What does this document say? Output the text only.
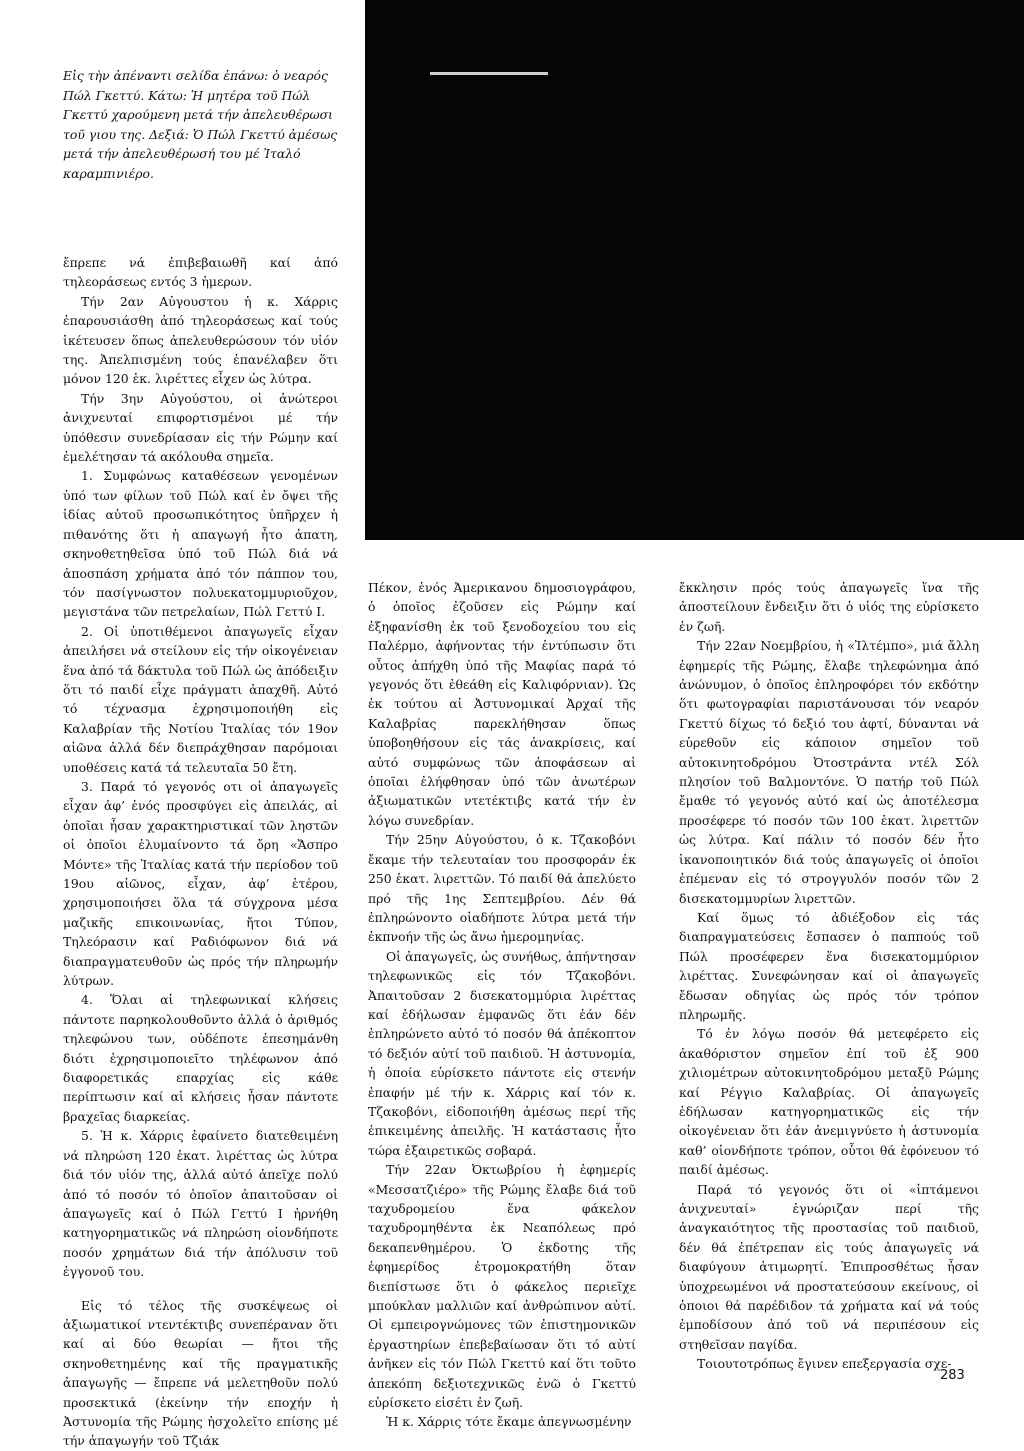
Εἰς τὴν ἀπέναντι σελίδα ἐπάνω: ὁ νεαρός Πώλ Γκεττύ. Κάτω: Ἡ μητέρα τοῦ Πώλ Γκεττύ χαρούμενη μετά τήν ἀπελευθέρωσι τοῦ γιου της. Δεξιά: Ὁ Πώλ Γκεττύ ἀμέσως μετά τήν ἀπελευθέρωσή του μέ Ἰταλό καραμπινιέρο.

ἔπρεπε νά ἐπιβεβαιωθῆ καί ἀπό τηλεοράσεως εντός 3 ἡμερων.

Τήν 2αν Αὐγουστου ἡ κ. Χάρρις ἐπαρουσιάσθη ἀπό τηλεοράσεως καί τούς ἱκέτευσεν ὅπως ἀπελευθερώσουν τόν υἱόν της. Ἀπελπισμένη τούς ἐπανέλαβεν ὅτι μόνον 120 ἑκ. λιρέττες εἶχεν ὡς λύτρα.

Τήν 3ην Αὐγούστου, οἱ ἀνώτεροι ἀνιχνευταί επιφορτισμένοι μέ τήν ὑπόθεσιν συνεδρίασαν εἰς τήν Ρώμην καί ἐμελέτησαν τά ακόλουθα σημεῖα.

1. Συμφώνως καταθέσεων γενομένων ὑπό των φίλων τοῦ Πώλ καί ἐν ὄψει τῆς ἰδίας αὐτοῦ προσωπικότητος ὑπῆρχεν ἡ πιθανότης ὅτι ἡ απαγωγή ἦτο ἀπατη, σκηνοθετηθεῖσα ὑπό τοῦ Πώλ διά νά ἀποσπάση χρήματα ἀπό τόν πάππον του, τόν πασίγνωστον πολυεκατομμυριοῦχον, μεγιστάνα τῶν πετρελαίων, Πώλ Γεττύ Ι.

2. Οἱ ὑποτιθέμενοι ἀπαγωγεῖς εἶχαν ἀπειλήσει νά στείλουν εἰς τήν οἰκογένειαν ἕνα ἀπό τά δάκτυλα τοῦ Πώλ ὡς ἀπόδειξιν ὅτι τό παιδί εἶχε πράγματι ἀπαχθῆ. Αὐτό τό τέχνασμα ἐχρησιμοποιήθη εἰς Καλαβρίαν τῆς Νοτίου Ἰταλίας τόν 19ον αἰῶνα ἀλλά δέν διεπράχθησαν παρόμοιαι υποθέσεις κατά τά τελευταῖα 50 ἔτη.

3. Παρά τό γεγονός οτι οἱ ἀπαγωγεῖς εἶχαν ἀφ’ ἑνός προσφύγει εἰς ἀπειλάς, αἱ ὁποῖαι ἦσαν χαρακτηριστικαί τῶν ληστῶν οἱ ὁποῖοι ἐλυμαίνοντο τά ὄρη «Ἄσπρο Μόντε» τῆς Ἰταλίας κατά τήν περίοδον τοῦ 19ου αἰῶνος, εἶχαν, ἀφ’ ἑτέρου, χρησιμοποιήσει ὅλα τά σύγχρονα μέσα μαζικῆς επικοινωνίας, ἤτοι Τύπον, Τηλεόρασιν καί Ραδιόφωνον διά νά διαπραγματευθοῦν ὡς πρός τήν πληρωμήν λύτρων.

4. Ὅλαι αἱ τηλεφωνικαί κλήσεις πάντοτε παρηκολουθοῦντο ἀλλά ὁ ἀριθμός τηλεφώνου των, οὐδέποτε ἐπεσημάνθη διότι ἐχρησιμοποιεῖτο τηλέφωνον ἀπό διαφορετικάς επαρχίας εἰς κάθε περίπτωσιν καί αἱ κλήσεις ἦσαν πάντοτε βραχεῖας διαρκείας.

5. Ἡ κ. Χάρρις ἐφαίνετο διατεθειμένη νά πληρώση 120 ἑκατ. λιρέττας ὡς λύτρα διά τόν υἱόν της, ἀλλά αὐτό ἀπεῖχε πολύ ἀπό τό ποσόν τό ὁποῖον ἀπαιτοῦσαν οἱ ἀπαγωγεῖς καί ὁ Πώλ Γεττύ Ι ἠρνήθη κατηγορηματικῶς νά πληρώση οἱονδήποτε ποσόν χρημάτων διά τήν ἀπόλυσιν τοῦ ἐγγονοῦ του.

Εἰς τό τέλος τῆς συσκέψεως οἱ ἀξιωματικοί ντεντέκτιβς συνεπέραναν ὅτι καί αἱ δύο θεωρίαι — ἤτοι τῆς σκηνοθετημένης καί τῆς πραγματικῆς ἀπαγωγῆς — ἔπρεπε νά μελετηθοῦν πολύ προσεκτικά (ἐκείνην τήν εποχήν ἡ Ἀστυνομία τῆς Ρώμης ἠσχολεῖτο επίσης μέ τήν ἀπαγωγήν τοῦ Τζιάκ

Πέκον, ἑνός Ἀμερικανου δημοσιογράφου, ὁ ὁποῖος ἐζοῦσεν εἰς Ρώμην καί ἐξηφανίσθη ἐκ τοῦ ξενοδοχείου του εἰς Παλέρμο, ἀφήνοντας τήν ἐντύπωσιν ὅτι οὗτος ἀπήχθη ὑπό τῆς Μαφίας παρά τό γεγονός ὅτι ἐθεάθη εἰς Καλιφόρνιαν). Ὡς ἐκ τούτου αἱ Ἀστυνομικαί Ἀρχαί τῆς Καλαβρίας παρεκλήθησαν ὅπως ὑποβοηθήσουν εἰς τάς ἀνακρίσεις, καί αὐτό συμφώνως τῶν ἀποφάσεων αἱ ὁποῖαι ἐλήφθησαν ὑπό τῶν ἀνωτέρων ἀξιωματικῶν ντετέκτιβς κατά τήν ἐν λόγω συνεδρίαν.

Τήν 25ην Αὐγούστου, ὁ κ. Τζακοβόνι ἔκαμε τήν τελευταίαν του προσφοράν ἐκ 250 ἑκατ. λιρεττῶν. Τό παιδί θά ἀπελύετο πρό τῆς 1ης Σεπτεμβρίου. Δέν θά ἐπληρώνοντο οἱαδήποτε λύτρα μετά τήν ἐκπνοήν τῆς ὡς ἄνω ἡμερομηνίας.

Οἱ ἀπαγωγεῖς, ὡς συνήθως, ἀπήντησαν τηλεφωνικῶς εἰς τόν Τζακοβόνι. Ἀπαιτοῦσαν 2 δισεκατομμύρια λιρέττας καί ἐδήλωσαν ἐμφανῶς ὅτι ἐάν δέν ἐπληρώνετο αὐτό τό ποσόν θά ἀπέκοπτον τό δεξιόν αὐτί τοῦ παιδιοῦ. Ἡ ἀστυνομία, ἡ ὁποία εὑρίσκετο πάντοτε εἰς στενήν ἐπαφήν μέ τήν κ. Χάρρις καί τόν κ. Τζακοβόνι, εἰδοποιήθη ἀμέσως περί τῆς ἐπικειμένης ἀπειλῆς. Ἡ κατάστασις ἦτο τώρα ἐξαιρετικῶς σοβαρά.

Τήν 22αν Ὀκτωβρίου ἡ ἐφημερίς «Μεσσατζιέρο» τῆς Ρώμης ἔλαβε διά τοῦ ταχυδρομείου ἕνα φάκελον ταχυδρομηθέντα ἐκ Νεαπόλεως πρό δεκαπενθημέρου. Ὁ ἐκδοτης τῆς ἐφημερίδος ἐτρομοκρατήθη ὅταν διεπίστωσε ὅτι ὁ φάκελος περιεῖχε μπούκλαν μαλλιῶν καί ἀνθρώπινον αὐτί. Οἱ εμπειρογνώμονες τῶν ἐπιστημονικῶν ἐργαστηρίων ἐπεβεβαίωσαν ὅτι τό αὐτί ἀνῆκεν εἰς τόν Πώλ Γκεττύ καί ὅτι τοῦτο ἀπεκόπη δεξιοτεχνικῶς ἐνῶ ὁ Γκεττύ εὑρίσκετο εἰσέτι ἐν ζωῆ.

Ἡ κ. Χάρρις τότε ἔκαμε ἀπεγνωσμένην

ἔκκλησιν πρός τούς ἀπαγωγεῖς ἵνα τῆς ἀποστείλουν ἔνδειξιν ὅτι ὁ υἱός της εὑρίσκετο ἐν ζωῆ.

Τήν 22αν Νοεμβρίου, ἡ «Ἰλτέμπο», μιά ἄλλη ἐφημερίς τῆς Ρώμης, ἔλαβε τηλεφώνημα ἀπό ἀνώνυμον, ὁ ὁποῖος ἐπληροφόρει τόν εκδότην ὅτι φωτογραφίαι παριστάνουσαι τόν νεαρόν Γκεττύ δίχως τό δεξιό του ἀφτί, δύνανται νά εὑρεθοῦν εἰς κάποιον σημεῖον τοῦ αὐτοκινητοδρόμου Ὀτοστράντα ντέλ Σόλ πλησίον τοῦ Βαλμοντόνε. Ὁ πατήρ τοῦ Πώλ ἔμαθε τό γεγονός αὐτό καί ὡς ἀποτέλεσμα προσέφερε τό ποσόν τῶν 100 ἑκατ. λιρεττῶν ὡς λύτρα. Καί πάλιν τό ποσόν δέν ἦτο ἱκανοποιητικόν διά τούς ἀπαγωγεῖς οἱ ὁποῖοι ἐπέμεναν εἰς τό στρογγυλόν ποσόν τῶν 2 δισεκατομμυρίων λιρεττῶν.

Καί ὅμως τό ἀδιέξοδον εἰς τάς διαπραγματεύσεις ἔσπασεν ὁ παππούς τοῦ Πώλ προσέφερεν ἕνα δισεκατομμύριον λιρέττας. Συνεφώνησαν καί οἱ ἀπαγωγεῖς ἔδωσαν οδηγίας ὡς πρός τόν τρόπον πληρωμῆς.

Τό ἐν λόγω ποσόν θά μετεφέρετο εἰς ἀκαθόριστον σημεῖον ἐπί τοῦ ἐξ 900 χιλιομέτρων αὐτοκινητοδρόμου μεταξῦ Ρώμης καί Ρέγγιο Καλαβρίας. Οἱ ἀπαγωγεῖς ἐδήλωσαν κατηγορηματικῶς εἰς τήν οἰκογένειαν ὅτι ἐάν ἀνεμιγνύετο ἡ ἀστυνομία καθ’ οἱονδήποτε τρόπον, οὗτοι θά ἐφόνευον τό παιδί ἀμέσως.

Παρά τό γεγονός ὅτι οἱ «ἱπτάμενοι ἀνιχνευταί» ἐγνώριζαν περί τῆς ἀναγκαιότητος τῆς προστασίας τοῦ παιδιοῦ, δέν θά ἐπέτρεπαν εἰς τούς ἀπαγωγεῖς νά διαφύγουν ἀτιμωρητί. Ἐπιπροσθέτως ἦσαν ὑποχρεωμένοι νά προστατεύσουν εκείνους, οἱ ὁποιοι θά παρέδιδον τά χρήματα καί νά τούς ἐμποδίσουν ἀπό τοῦ νά περιπέσουν εἰς στηθεῖσαν παγίδα.

Τοιουτοτρόπως ἔγινεν επεξεργασία σχε-

283
